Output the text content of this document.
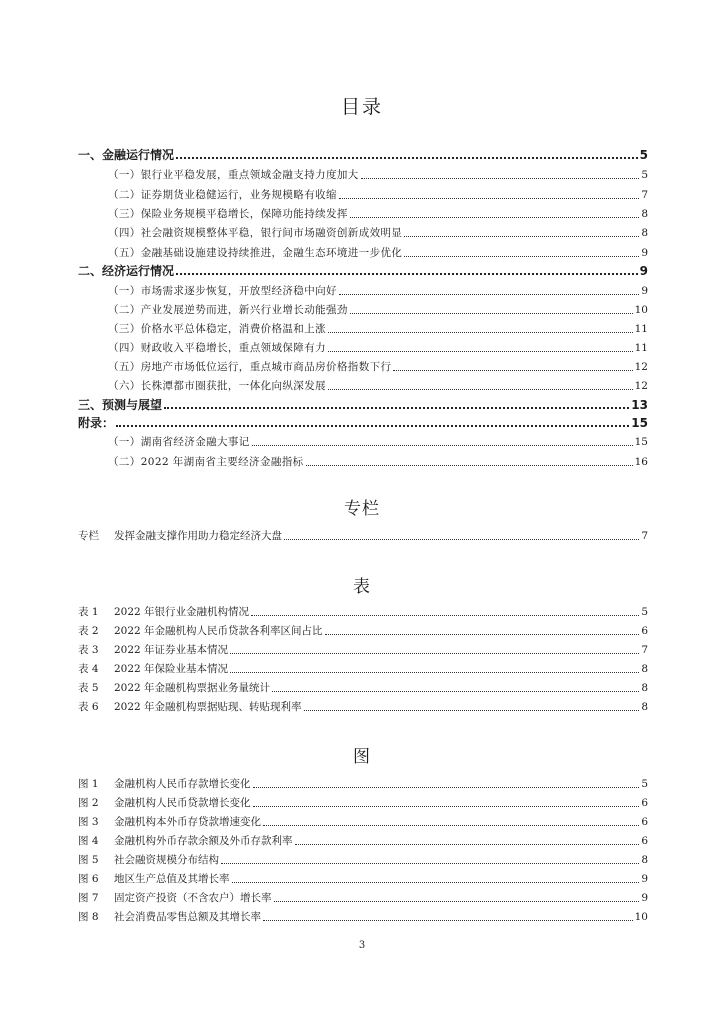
目录
一、金融运行情况	5
（一）银行业平稳发展，重点领域金融支持力度加大	5
（二）证券期货业稳健运行，业务规模略有收缩	7
（三）保险业务规模平稳增长，保障功能持续发挥	8
（四）社会融资规模整体平稳，银行间市场融资创新成效明显	8
（五）金融基础设施建设持续推进，金融生态环境进一步优化	9
二、经济运行情况	9
（一）市场需求逐步恢复，开放型经济稳中向好	9
（二）产业发展逆势而进，新兴行业增长动能强劲	10
（三）价格水平总体稳定，消费价格温和上涨	11
（四）财政收入平稳增长，重点领域保障有力	11
（五）房地产市场低位运行，重点城市商品房价格指数下行	12
（六）长株潭都市圈获批，一体化向纵深发展	12
三、预测与展望	13
附录：	15
（一）湖南省经济金融大事记	15
（二）2022 年湖南省主要经济金融指标	16
专栏
专栏 发挥金融支撑作用助力稳定经济大盘	7
表
表 1 2022 年银行业金融机构情况	5
表 2 2022 年金融机构人民币贷款各利率区间占比	6
表 3 2022 年证券业基本情况	7
表 4 2022 年保险业基本情况	8
表 5 2022 年金融机构票据业务量统计	8
表 6 2022 年金融机构票据贴现、转贴现利率	8
图
图 1 金融机构人民币存款增长变化	5
图 2 金融机构人民币贷款增长变化	6
图 3 金融机构本外币存贷款增速变化	6
图 4 金融机构外币存款余额及外币存款利率	6
图 5 社会融资规模分布结构	8
图 6 地区生产总值及其增长率	9
图 7 固定资产投资（不含农户）增长率	9
图 8 社会消费品零售总额及其增长率	10
3
